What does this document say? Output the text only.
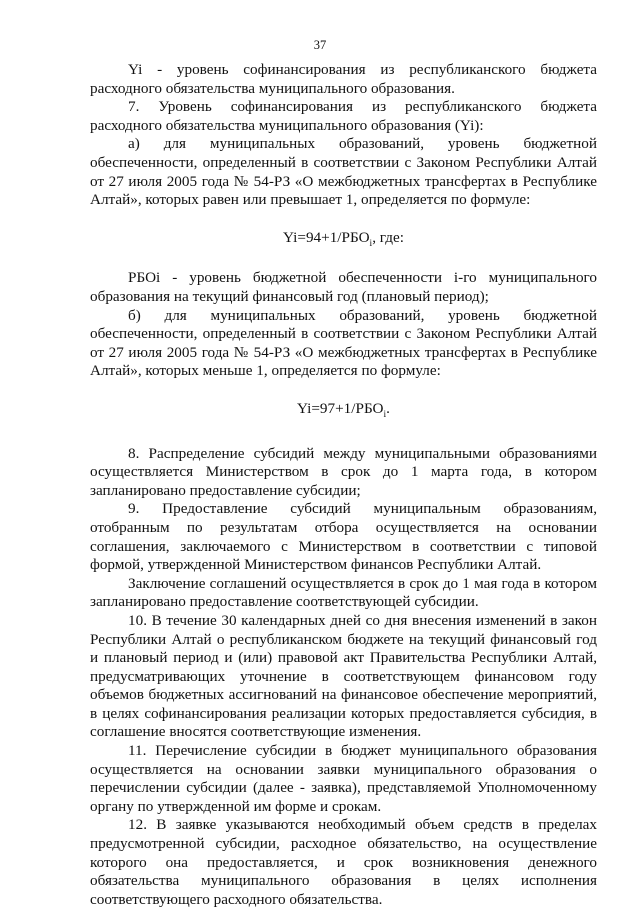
37

Yi - уровень софинансирования из республиканского бюджета расходного обязательства муниципального образования.

7. Уровень софинансирования из республиканского бюджета расходного обязательства муниципального образования (Yi):

а) для муниципальных образований, уровень бюджетной обеспеченности, определенный в соответствии с Законом Республики Алтай от 27 июля 2005 года № 54-РЗ «О межбюджетных трансфертах в Республике Алтай», которых равен или превышает 1, определяется по формуле:

$Yi=94+1/РБО_i$, где:

РБОi - уровень бюджетной обеспеченности i-го муниципального образования на текущий финансовый год (плановый период);

б) для муниципальных образований, уровень бюджетной обеспеченности, определенный в соответствии с Законом Республики Алтай от 27 июля 2005 года № 54-РЗ «О межбюджетных трансфертах в Республике Алтай», которых меньше 1, определяется по формуле:

$Yi=97+1/РБО_i$.

8. Распределение субсидий между муниципальными образованиями осуществляется Министерством в срок до 1 марта года, в котором запланировано предоставление субсидии;

9. Предоставление субсидий муниципальным образованиям, отобранным по результатам отбора осуществляется на основании соглашения, заключаемого с Министерством в соответствии с типовой формой, утвержденной Министерством финансов Республики Алтай.

Заключение соглашений осуществляется в срок до 1 мая года в котором запланировано предоставление соответствующей субсидии.

10. В течение 30 календарных дней со дня внесения изменений в закон Республики Алтай о республиканском бюджете на текущий финансовый год и плановый период и (или) правовой акт Правительства Республики Алтай, предусматривающих уточнение в соответствующем финансовом году объемов бюджетных ассигнований на финансовое обеспечение мероприятий, в целях софинансирования реализации которых предоставляется субсидия, в соглашение вносятся соответствующие изменения.

11. Перечисление субсидии в бюджет муниципального образования осуществляется на основании заявки муниципального образования о перечислении субсидии (далее - заявка), представляемой Уполномоченному органу по утвержденной им форме и срокам.

12. В заявке указываются необходимый объем средств в пределах предусмотренной субсидии, расходное обязательство, на осуществление которого она предоставляется, и срок возникновения денежного обязательства муниципального образования в целях исполнения соответствующего расходного обязательства.
